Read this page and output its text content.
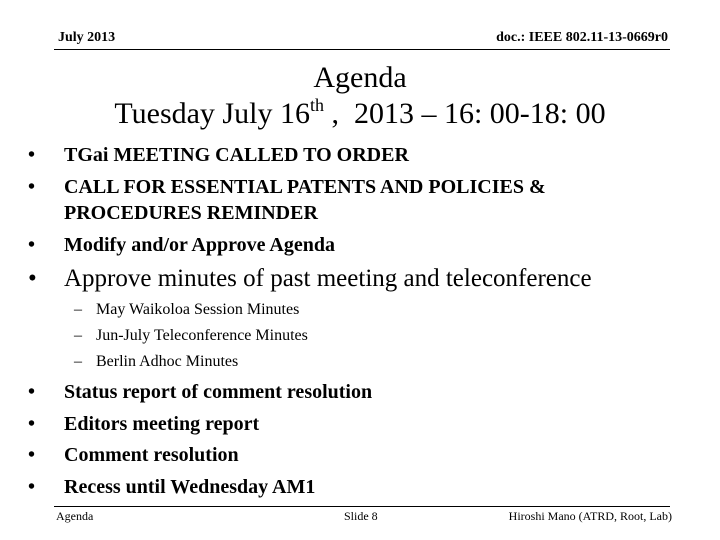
July 2013	doc.: IEEE 802.11-13-0669r0
Agenda
Tuesday July 16th ,  2013 – 16: 00-18: 00
• TGai MEETING CALLED TO ORDER
• CALL FOR ESSENTIAL PATENTS AND POLICIES &
PROCEDURES REMINDER
• Modify and/or Approve Agenda
• Approve minutes of past meeting and teleconference
– May Waikoloa Session Minutes
– Jun-July Teleconference Minutes
– Berlin Adhoc Minutes
• Status report of comment resolution
• Editors meeting report
• Comment resolution
• Recess until Wednesday AM1
Agenda	Slide 8	Hiroshi Mano (ATRD, Root, Lab)
